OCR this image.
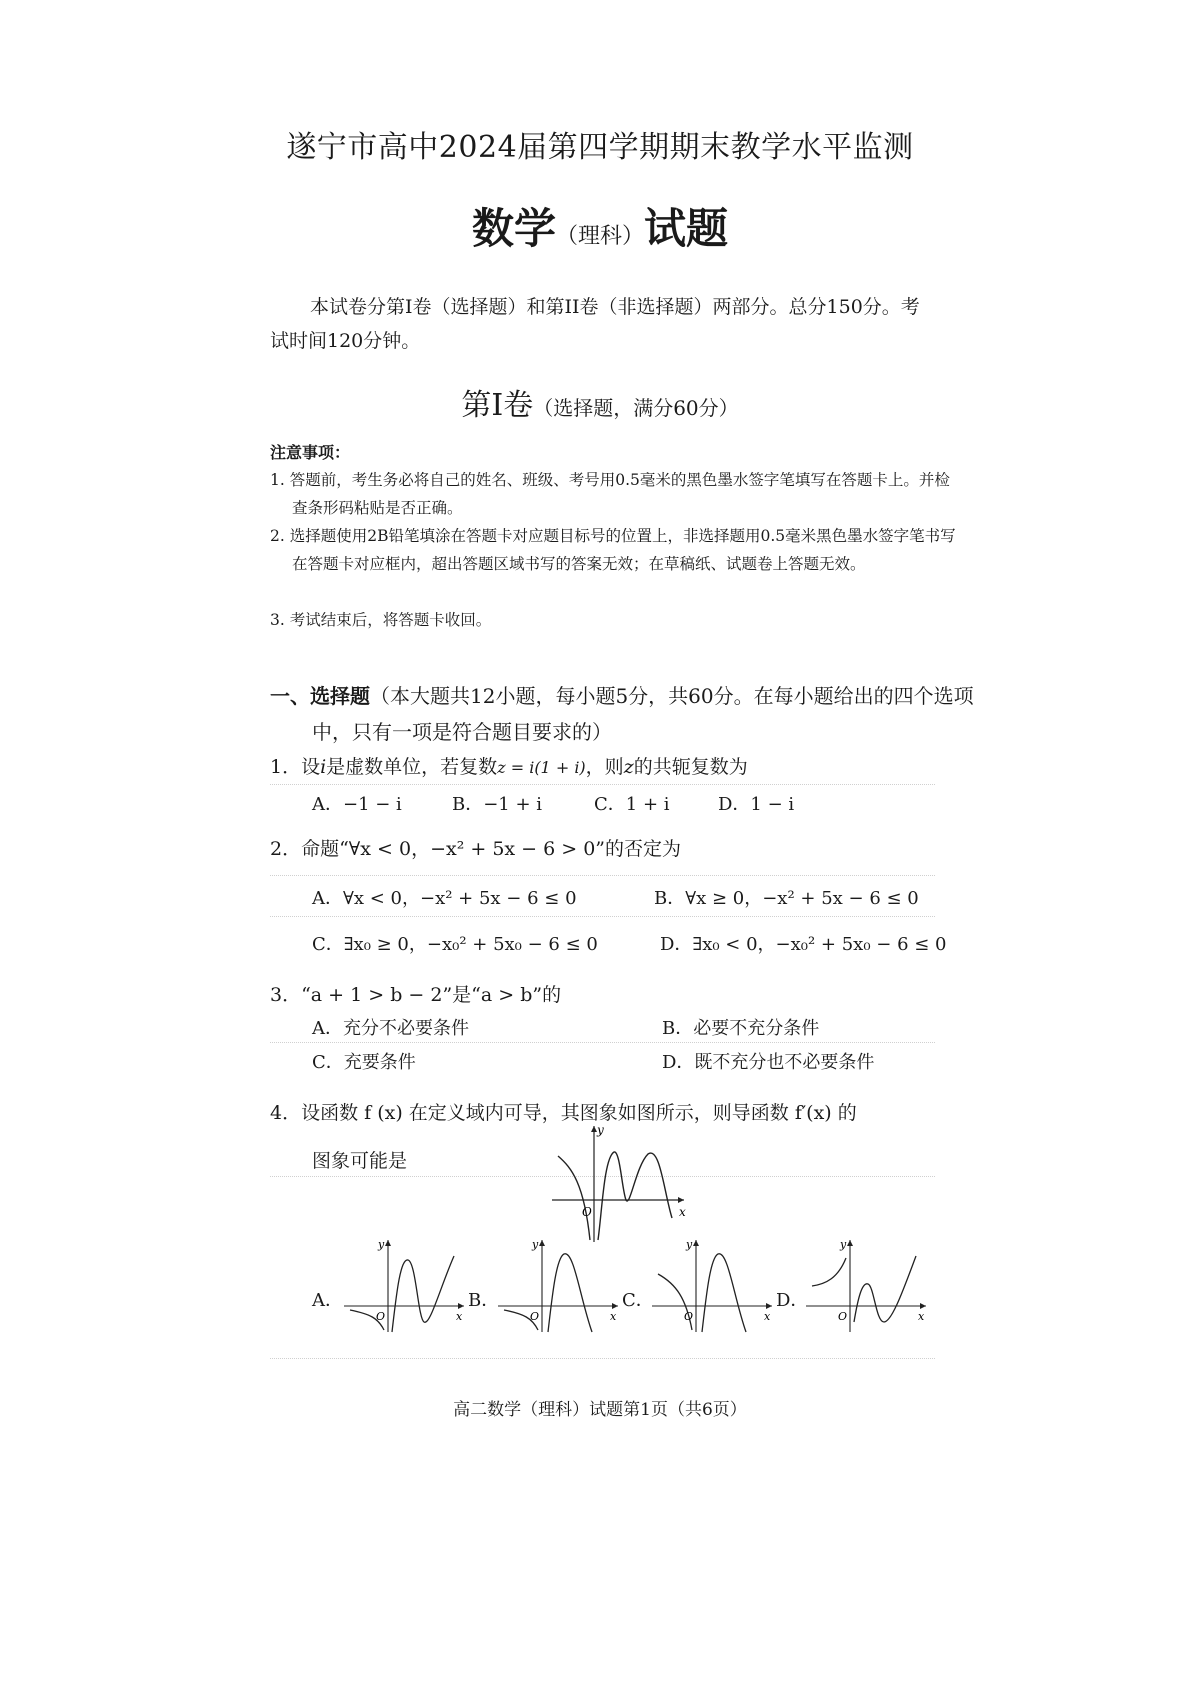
遂宁市高中2024届第四学期期末教学水平监测
数学（理科）试题
本试卷分第I卷（选择题）和第II卷（非选择题）两部分。总分150分。考试时间120分钟。
第Ⅰ卷（选择题，满分60分）
注意事项：
1. 答题前，考生务必将自己的姓名、班级、考号用0.5毫米的黑色墨水签字笔填写在答题卡上。并检查条形码粘贴是否正确。
2. 选择题使用2B铅笔填涂在答题卡对应题目标号的位置上，非选择题用0.5毫米黑色墨水签字笔书写在答题卡对应框内，超出答题区域书写的答案无效；在草稿纸、试题卷上答题无效。
3. 考试结束后，将答题卡收回。
一、选择题（本大题共12小题，每小题5分，共60分。在每小题给出的四个选项中，只有一项是符合题目要求的）
1．设i是虚数单位，若复数z = i(1 + i)，则z的共轭复数为
A．−1 − i	B．−1 + i	C．1 + i	D．1 − i
2．命题“∀x < 0，−x² + 5x − 6 > 0”的否定为
A．∀x < 0，−x² + 5x − 6 ≤ 0	B．∀x ≥ 0，−x² + 5x − 6 ≤ 0
C．∃x₀ ≥ 0，−x₀² + 5x₀ − 6 ≤ 0	D．∃x₀ < 0，−x₀² + 5x₀ − 6 ≤ 0
3．“a + 1 > b − 2”是“a > b”的
A．充分不必要条件	B．必要不充分条件
C．充要条件	D．既不充分也不必要条件
4．设函数 f (x) 在定义域内可导，其图象如图所示，则导函数 f′(x) 的
图象可能是
y
x
O
A．	B．	C．	D．
y
x
O
y
x
O
y
x
O
y
x
O
高二数学（理科）试题第1页（共6页）
